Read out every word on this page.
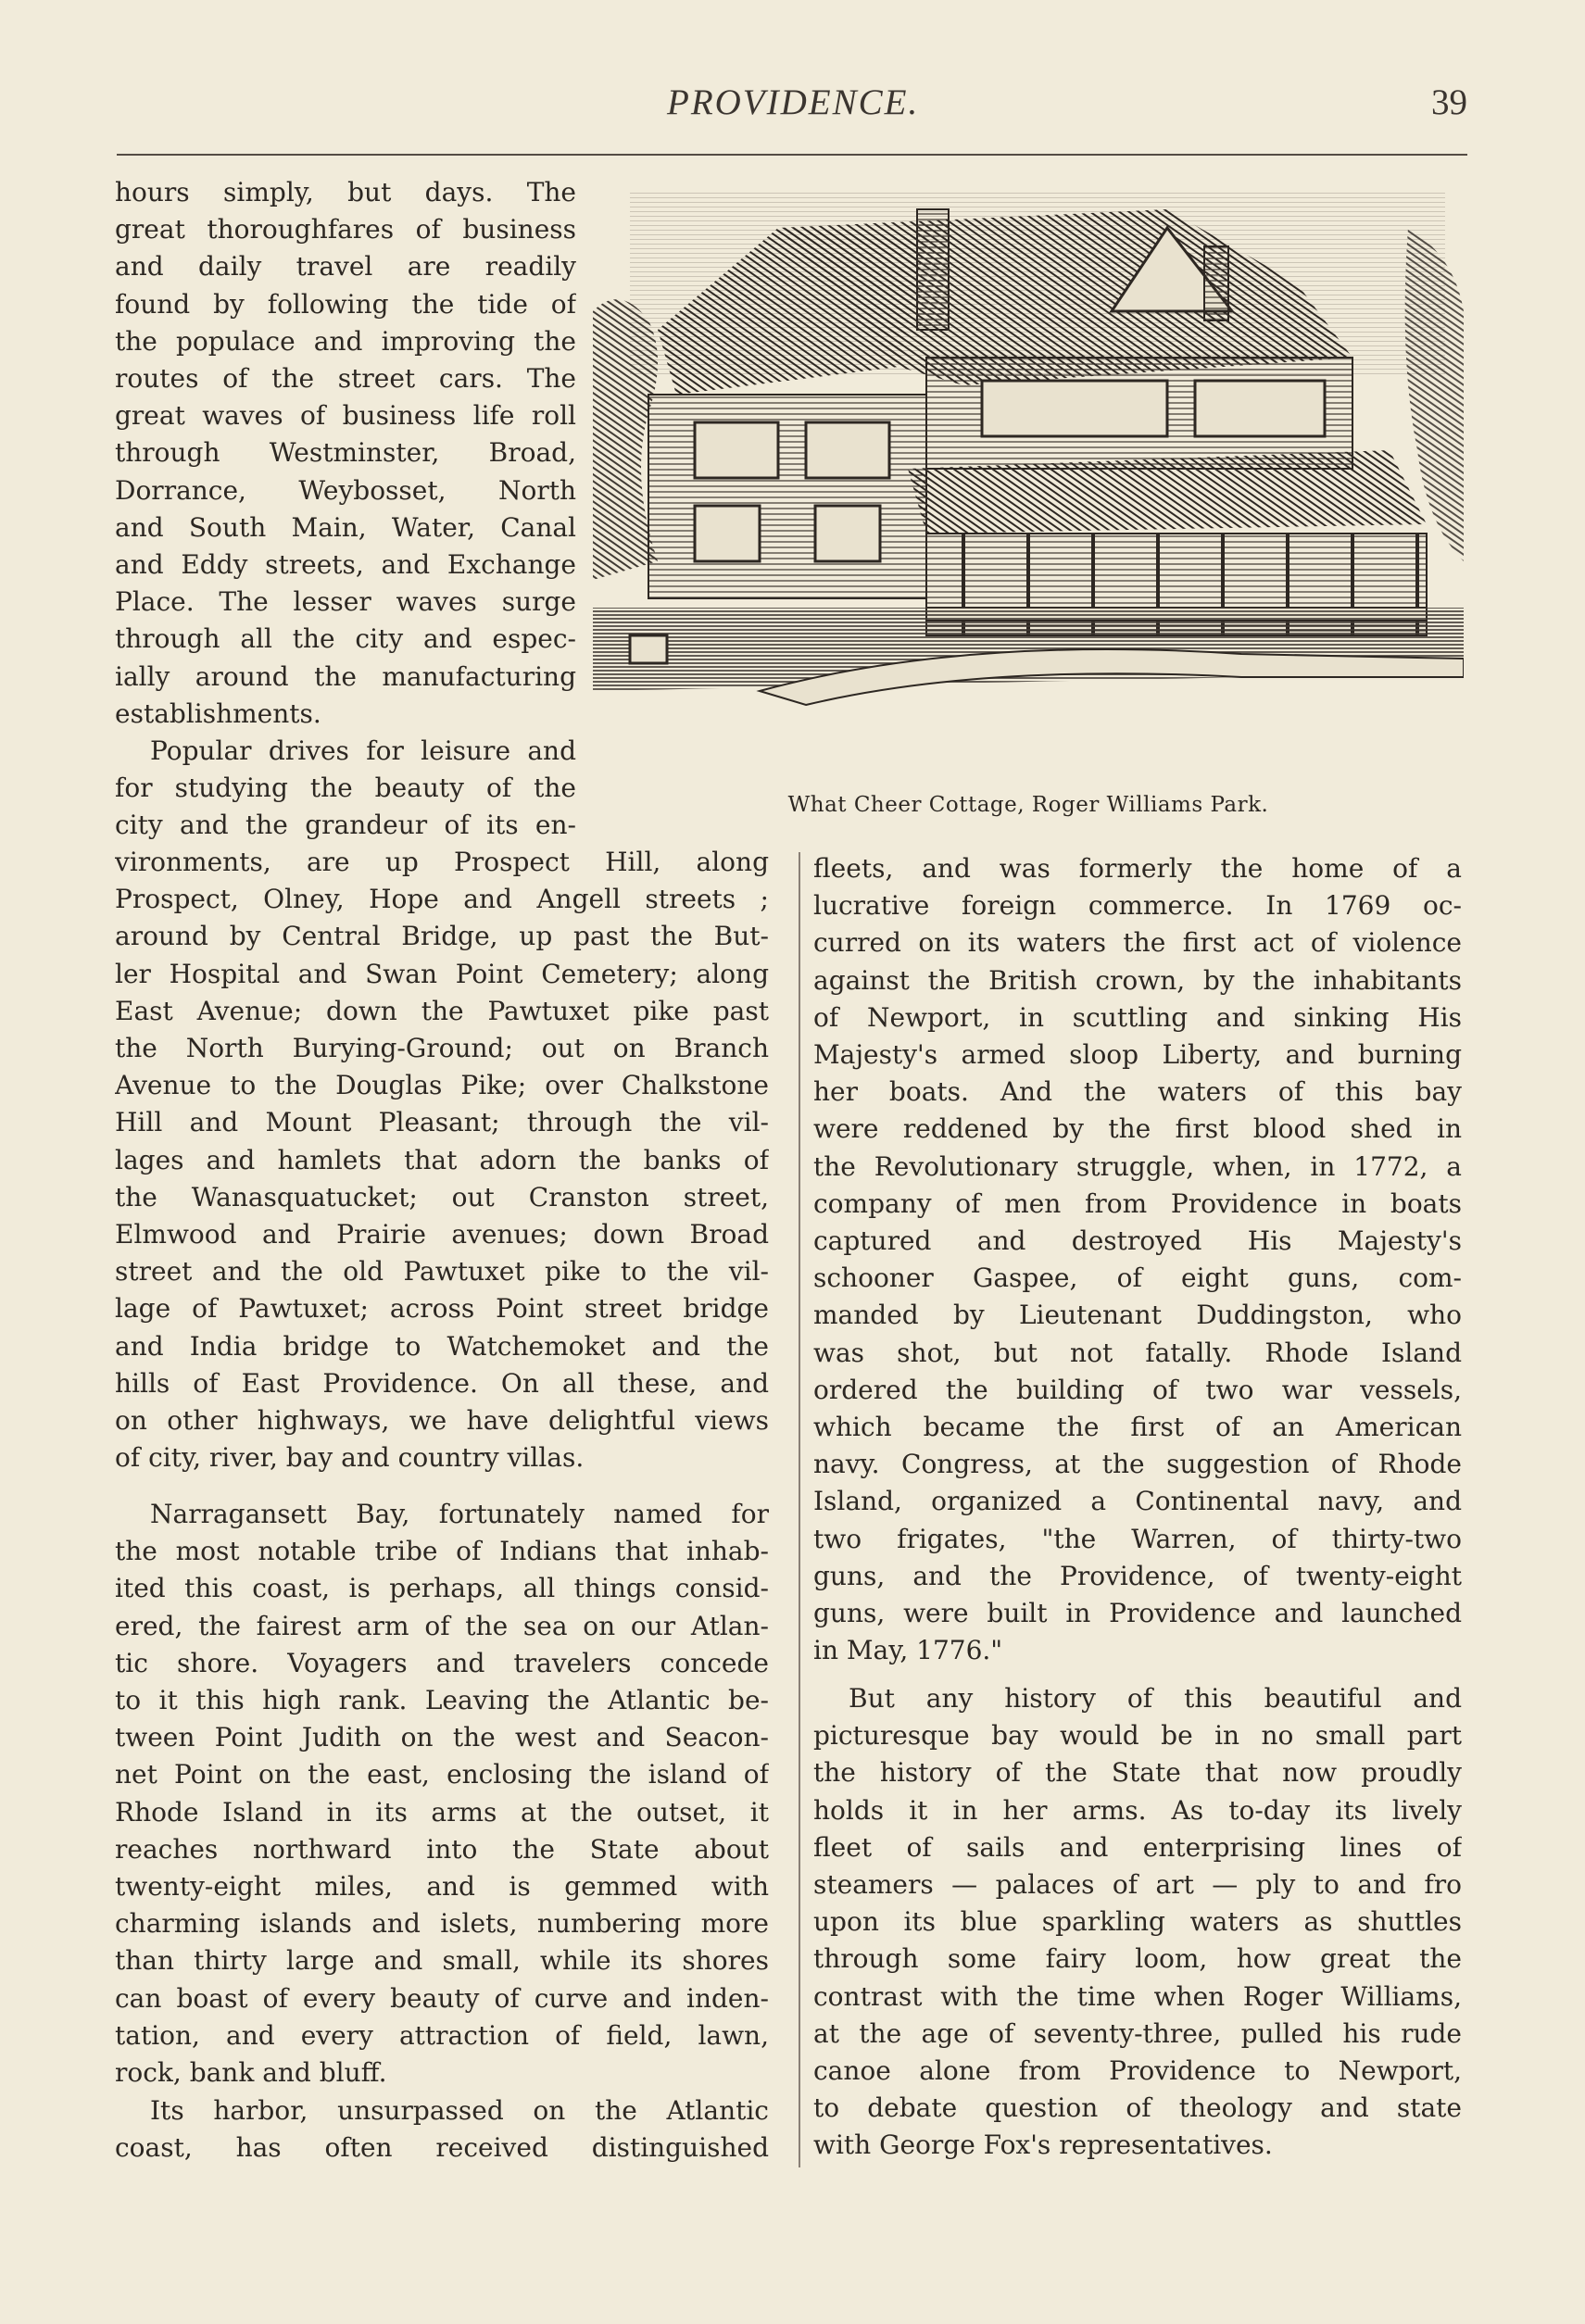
PROVIDENCE.	39
What Cheer Cottage, Roger Williams Park.
hours simply, but days. The
great thoroughfares of business
and daily travel are readily
found by following the tide of
the populace and improving the
routes of the street cars. The
great waves of business life roll
through Westminster, Broad,
Dorrance, Weybosset, North
and South Main, Water, Canal
and Eddy streets, and Exchange
Place. The lesser waves surge
through all the city and espec-
ially around the manufacturing
establishments.
Popular drives for leisure and
for studying the beauty of the
city and the grandeur of its en-
vironments, are up Prospect Hill, along
Prospect, Olney, Hope and Angell streets ;
around by Central Bridge, up past the But-
ler Hospital and Swan Point Cemetery; along
East Avenue; down the Pawtuxet pike past
the North Burying-Ground; out on Branch
Avenue to the Douglas Pike; over Chalkstone
Hill and Mount Pleasant; through the vil-
lages and hamlets that adorn the banks of
the Wanasquatucket; out Cranston street,
Elmwood and Prairie avenues; down Broad
street and the old Pawtuxet pike to the vil-
lage of Pawtuxet; across Point street bridge
and India bridge to Watchemoket and the
hills of East Providence. On all these, and
on other highways, we have delightful views
of city, river, bay and country villas.
Narragansett Bay, fortunately named for
the most notable tribe of Indians that inhab-
ited this coast, is perhaps, all things consid-
ered, the fairest arm of the sea on our Atlan-
tic shore. Voyagers and travelers concede
to it this high rank. Leaving the Atlantic be-
tween Point Judith on the west and Seacon-
net Point on the east, enclosing the island of
Rhode Island in its arms at the outset, it
reaches northward into the State about
twenty-eight miles, and is gemmed with
charming islands and islets, numbering more
than thirty large and small, while its shores
can boast of every beauty of curve and inden-
tation, and every attraction of field, lawn,
rock, bank and bluff.
Its harbor, unsurpassed on the Atlantic
coast, has often received distinguished
fleets, and was formerly the home of a
lucrative foreign commerce. In 1769 oc-
curred on its waters the first act of violence
against the British crown, by the inhabitants
of Newport, in scuttling and sinking His
Majesty's armed sloop Liberty, and burning
her boats. And the waters of this bay
were reddened by the first blood shed in
the Revolutionary struggle, when, in 1772, a
company of men from Providence in boats
captured and destroyed His Majesty's
schooner Gaspee, of eight guns, com-
manded by Lieutenant Duddingston, who
was shot, but not fatally. Rhode Island
ordered the building of two war vessels,
which became the first of an American
navy. Congress, at the suggestion of Rhode
Island, organized a Continental navy, and
two frigates, "the Warren, of thirty-two
guns, and the Providence, of twenty-eight
guns, were built in Providence and launched
in May, 1776."
But any history of this beautiful and
picturesque bay would be in no small part
the history of the State that now proudly
holds it in her arms. As to-day its lively
fleet of sails and enterprising lines of
steamers — palaces of art — ply to and fro
upon its blue sparkling waters as shuttles
through some fairy loom, how great the
contrast with the time when Roger Williams,
at the age of seventy-three, pulled his rude
canoe alone from Providence to Newport,
to debate question of theology and state
with George Fox's representatives.
